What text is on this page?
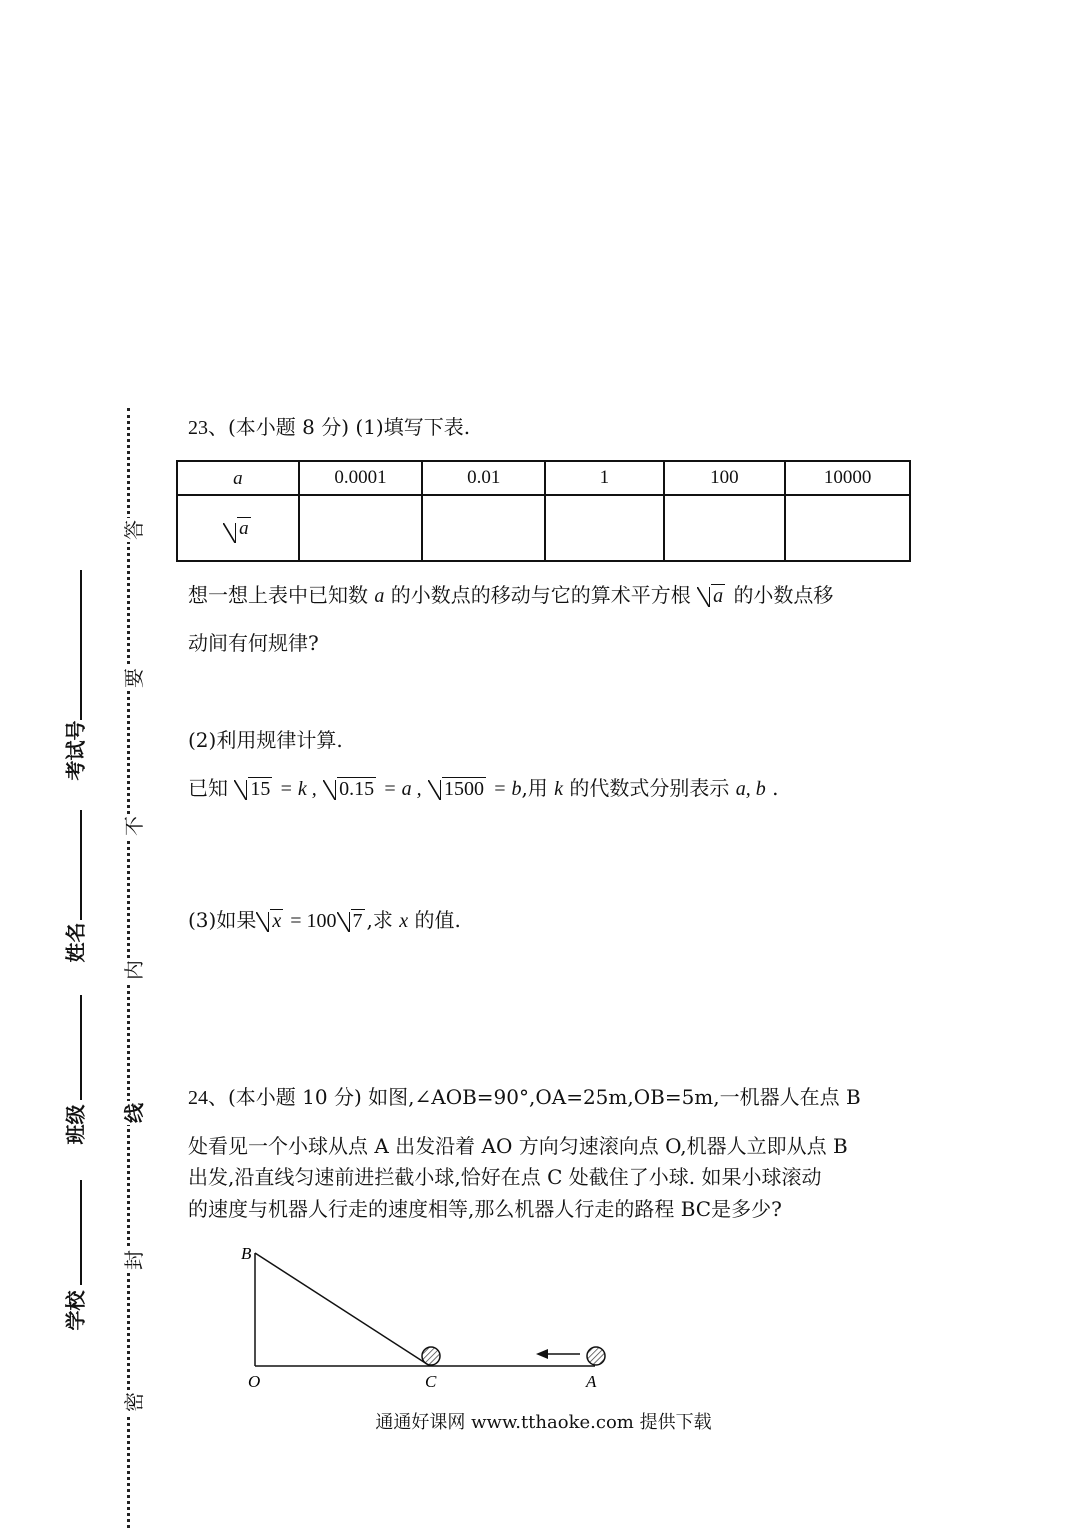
答
要
不
内
线
封
密
考试号
姓名
班级
学校
23、(本小题 8 分) (1)填写下表.
a	0.0001	0.01	1	100	10000
a					
想一想上表中已知数 a 的小数点的移动与它的算术平方根 a 的小数点移
动间有何规律?
(2)利用规律计算.
已知 15 = k , 0.15 = a , 1500 = b,用 k 的代数式分别表示 a, b .
(3)如果 x = 100 7 ,求 x 的值.
24、(本小题 10 分) 如图,∠AOB=90°,OA=25m,OB=5m,一机器人在点 B
处看见一个小球从点 A 出发沿着 AO 方向匀速滚向点 O,机器人立即从点 B
出发,沿直线匀速前进拦截小球,恰好在点 C 处截住了小球. 如果小球滚动
的速度与机器人行走的速度相等,那么机器人行走的路程 BC是多少?
B
O	C	A
通通好课网 www.tthaoke.com 提供下载
